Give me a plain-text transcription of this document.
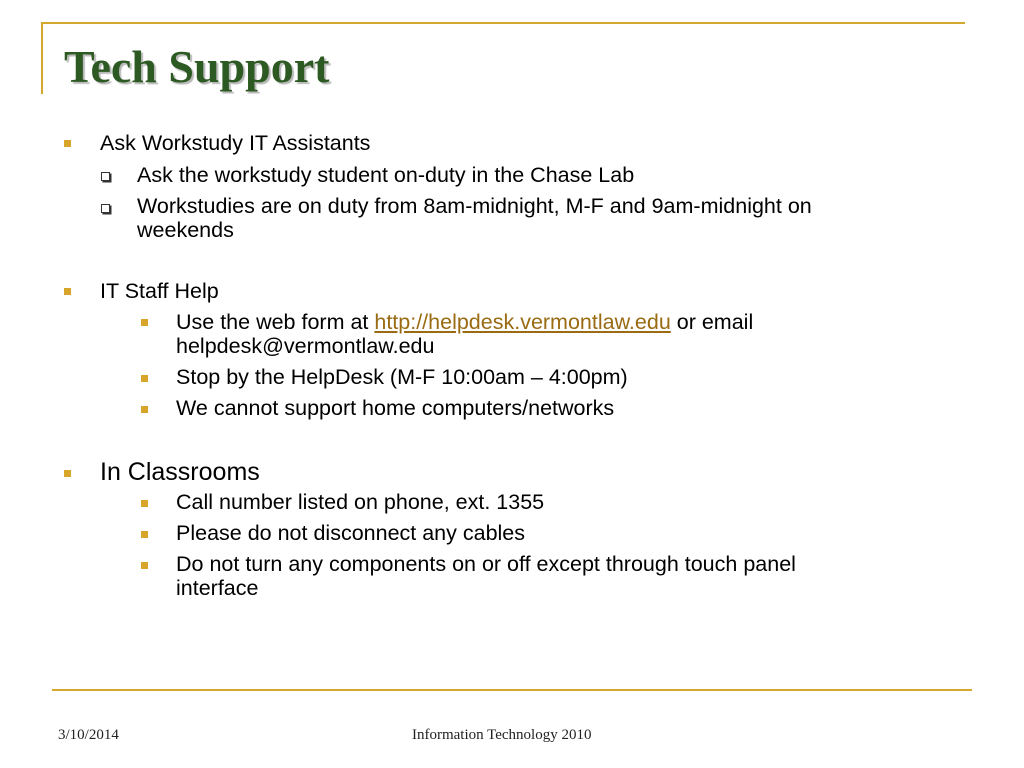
Tech Support
Ask Workstudy IT Assistants
Ask the workstudy student on-duty in the Chase Lab
Workstudies are on duty from 8am-midnight, M-F and 9am-midnight on
weekends
IT Staff Help
Use the web form at http://helpdesk.vermontlaw.edu or email
helpdesk@vermontlaw.edu
Stop by the HelpDesk (M-F 10:00am – 4:00pm)
We cannot support home computers/networks
In Classrooms
Call number listed on phone, ext. 1355
Please do not disconnect any cables
Do not turn any components on or off except through touch panel
interface
3/10/2014	Information Technology 2010
